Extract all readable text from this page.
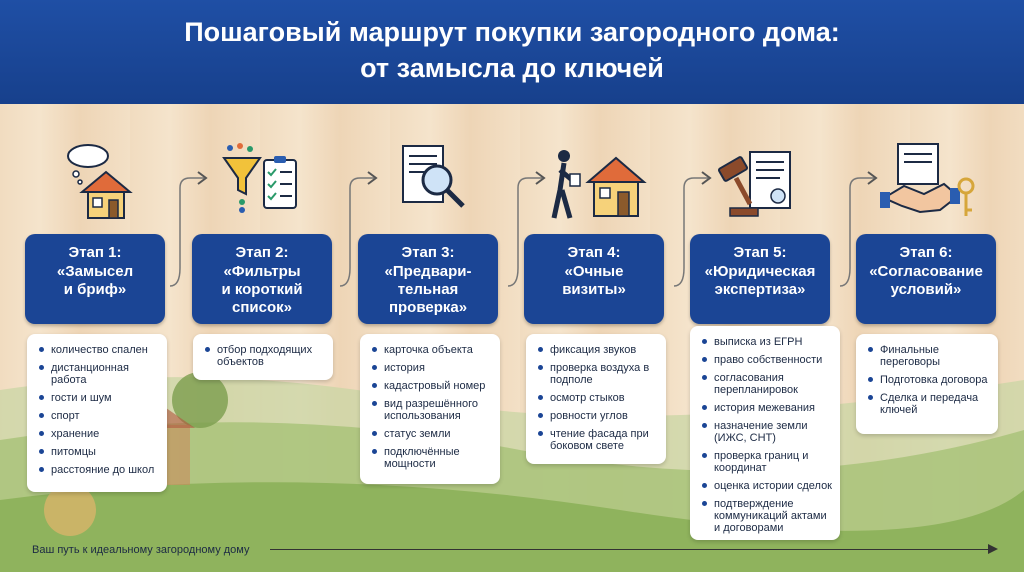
Пошаговый маршрут покупки загородного дома:
от замысла до ключей
Этап 1:
«Замысел
и бриф»
количество спален
дистанционная работа
гости и шум
спорт
хранение
питомцы
расстояние до школ
Этап 2:
«Фильтры
и короткий
список»
отбор подходящих объектов
Этап 3:
«Предвари-
тельная
проверка»
карточка объекта
история
кадастровый номер
вид разрешённого использования
статус земли
подключённые мощности
Этап 4:
«Очные
визиты»
фиксация звуков
проверка воздуха в подполе
осмотр стыков
ровности углов
чтение фасада при боковом свете
Этап 5:
«Юридическая
экспертиза»
выписка из ЕГРН
право собственности
согласования перепланировок
история межевания
назначение земли (ИЖС, СНТ)
проверка границ и координат
оценка истории сделок
подтверждение коммуникаций актами и договорами
Этап 6:
«Согласование
условий»
Финальные переговоры
Подготовка договора
Сделка и передача ключей
Ваш путь к идеальному загородному дому
